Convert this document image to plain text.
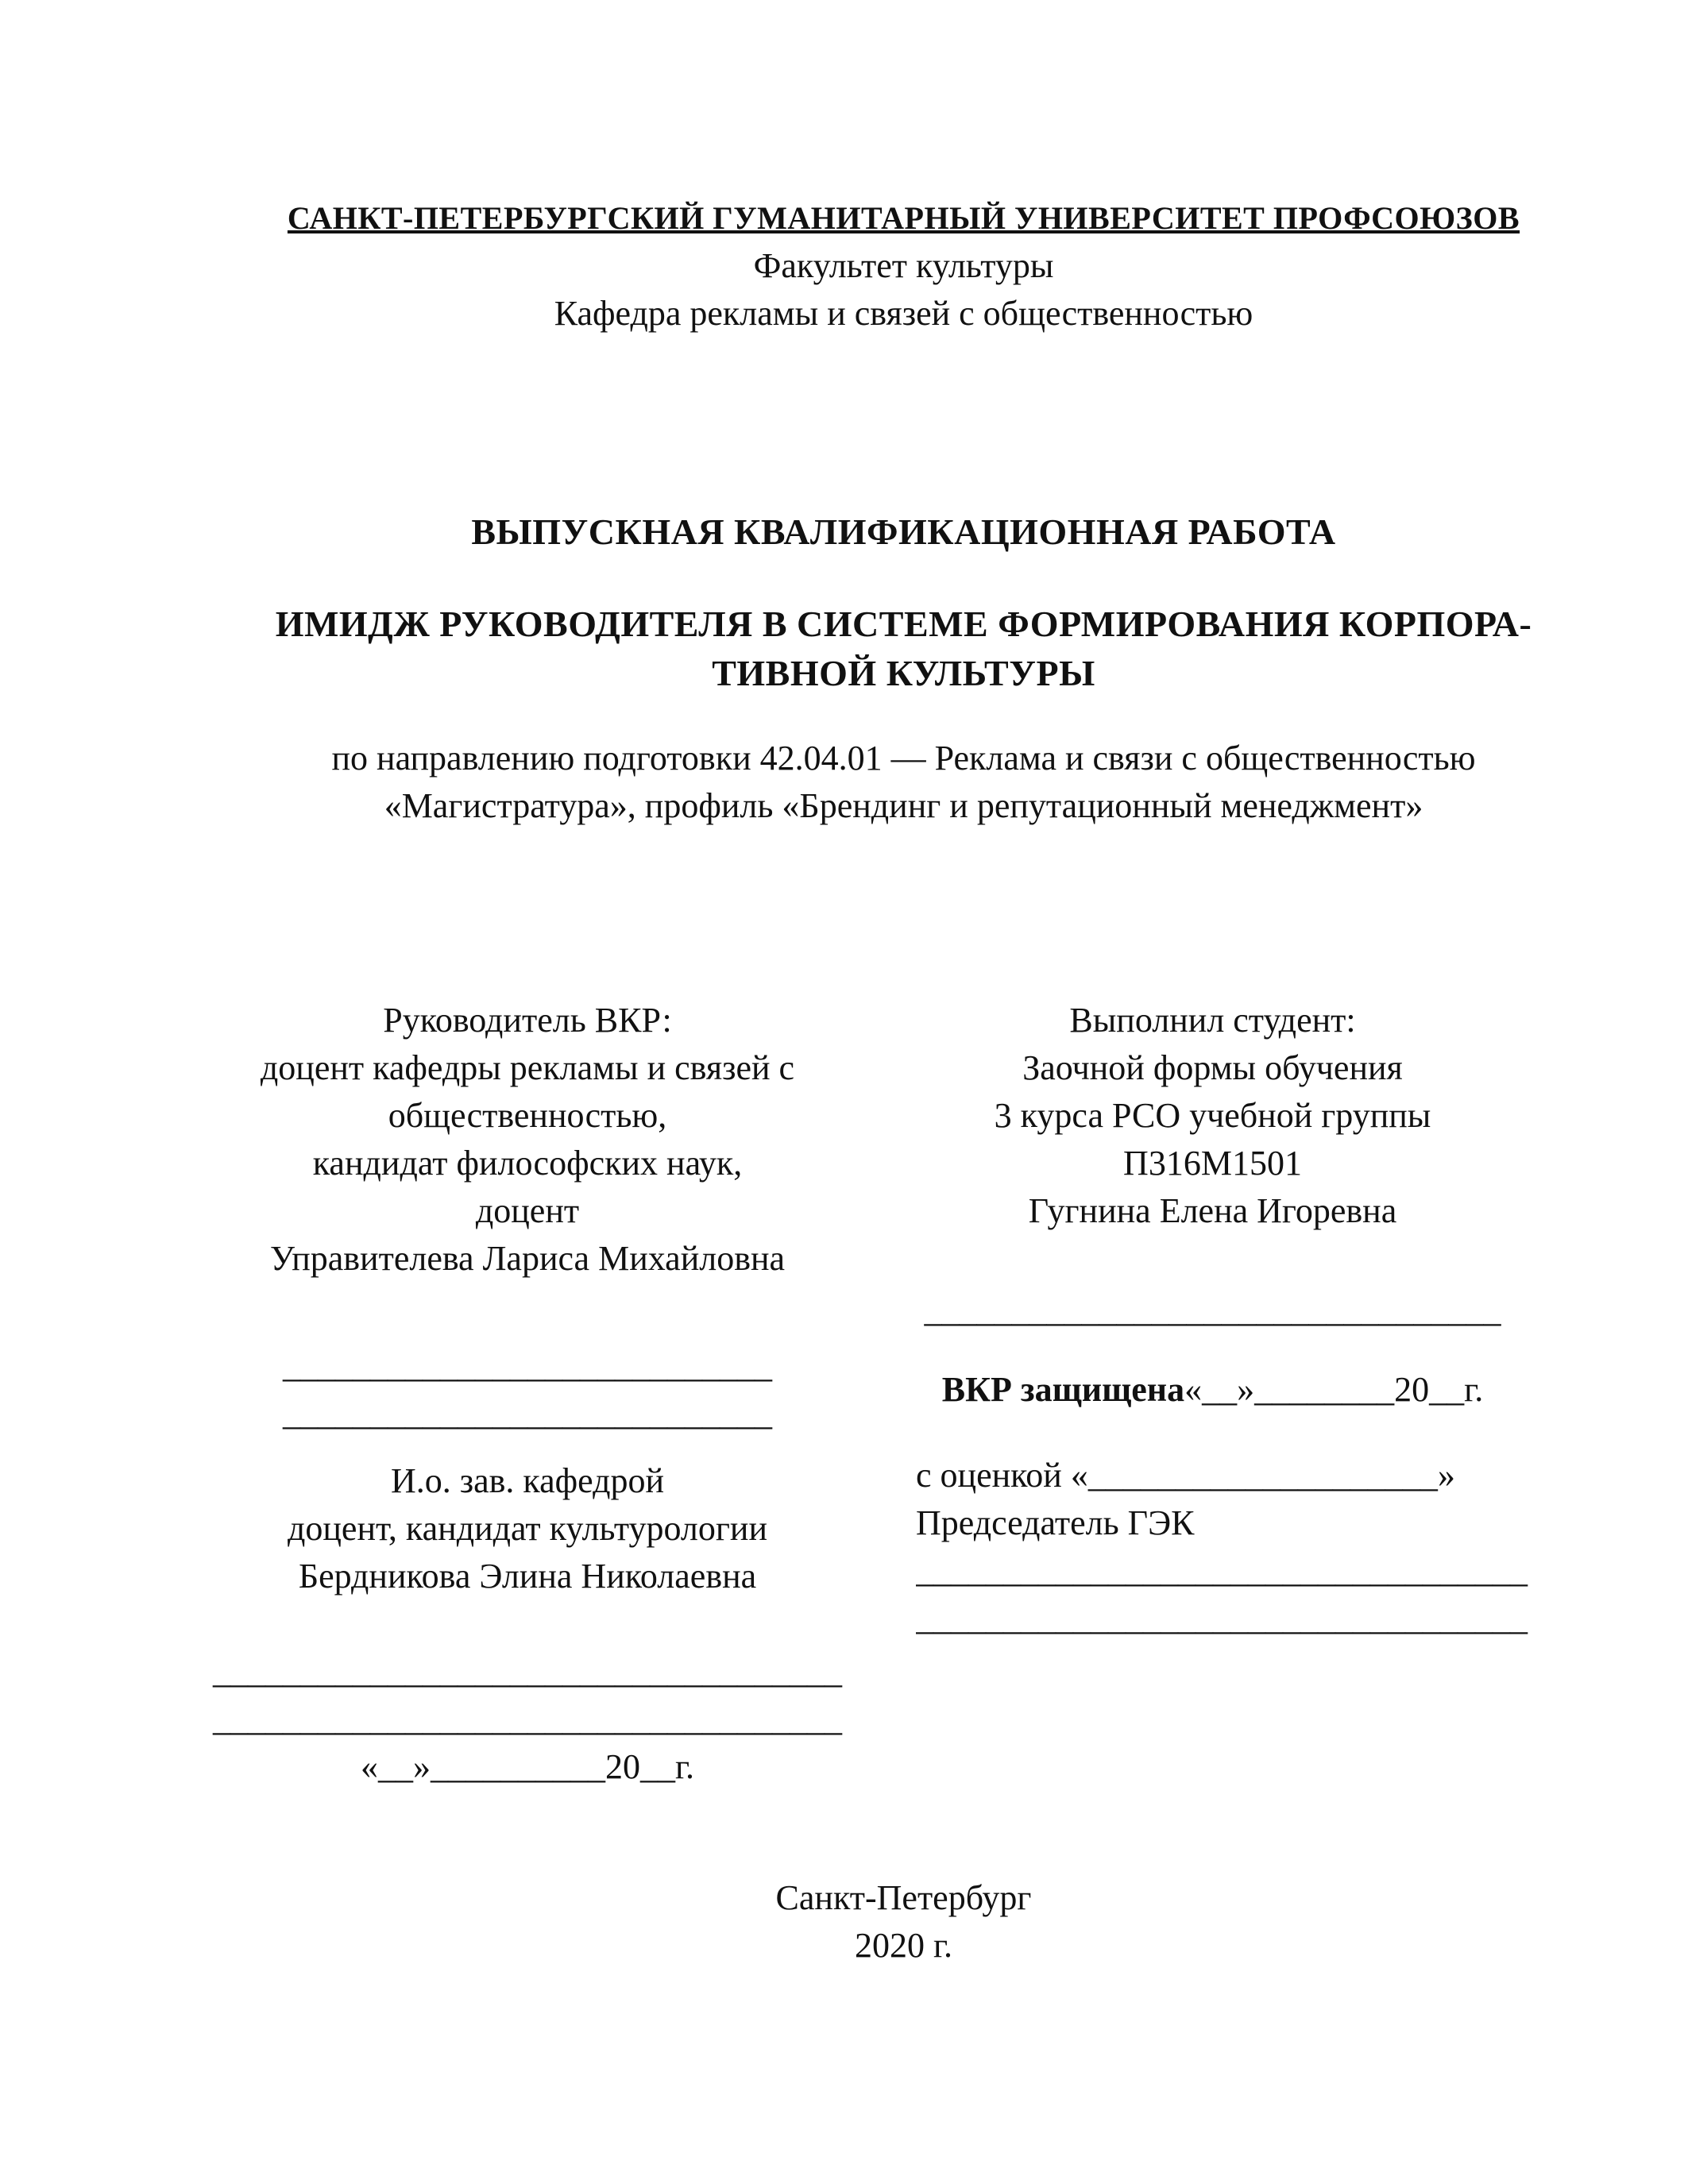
САНКТ-ПЕТЕРБУРГСКИЙ ГУМАНИТАРНЫЙ УНИВЕРСИТЕТ ПРОФСОЮЗОВ
Факультет культуры
Кафедра рекламы и связей с общественностью
ВЫПУСКНАЯ КВАЛИФИКАЦИОННАЯ РАБОТА
ИМИДЖ РУКОВОДИТЕЛЯ В СИСТЕМЕ ФОРМИРОВАНИЯ КОРПОРА-
ТИВНОЙ КУЛЬТУРЫ
по направлению подготовки 42.04.01 — Реклама и связи с общественностью
«Магистратура», профиль «Брендинг и репутационный менеджмент»
Руководитель ВКР:
доцент кафедры рекламы и связей с
общественностью,
кандидат философских наук,
доцент
Управителева Лариса Михайловна
____________________________
____________________________
И.о. зав. кафедрой
доцент, кандидат культурологии
Бердникова Элина Николаевна
____________________________________
____________________________________
«__»__________20__г.
Выполнил студент:
Заочной формы обучения
3 курса РСО учебной группы
П316М1501
Гугнина Елена Игоревна
_________________________________
ВКР защищена«__»________20__г.
с оценкой «____________________»
Председатель ГЭК
___________________________________
___________________________________
Санкт-Петербург
2020 г.
